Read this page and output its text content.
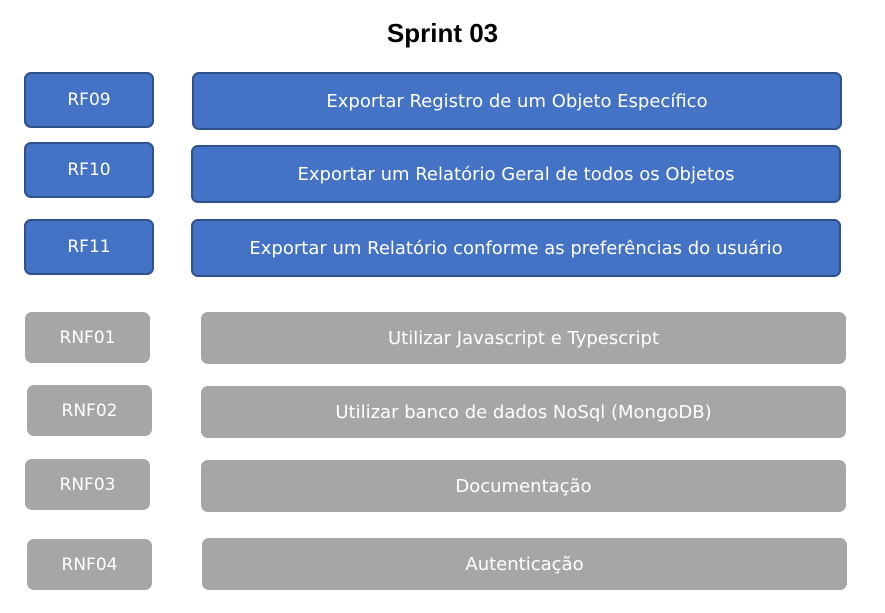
Sprint 03
RF09	Exportar Registro de um Objeto Específico
RF10	Exportar um Relatório Geral de todos os Objetos
RF11	Exportar um Relatório conforme as preferências do usuário
RNF01	Utilizar Javascript e Typescript
RNF02	Utilizar banco de dados NoSql (MongoDB)
RNF03	Documentação
RNF04	Autenticação
